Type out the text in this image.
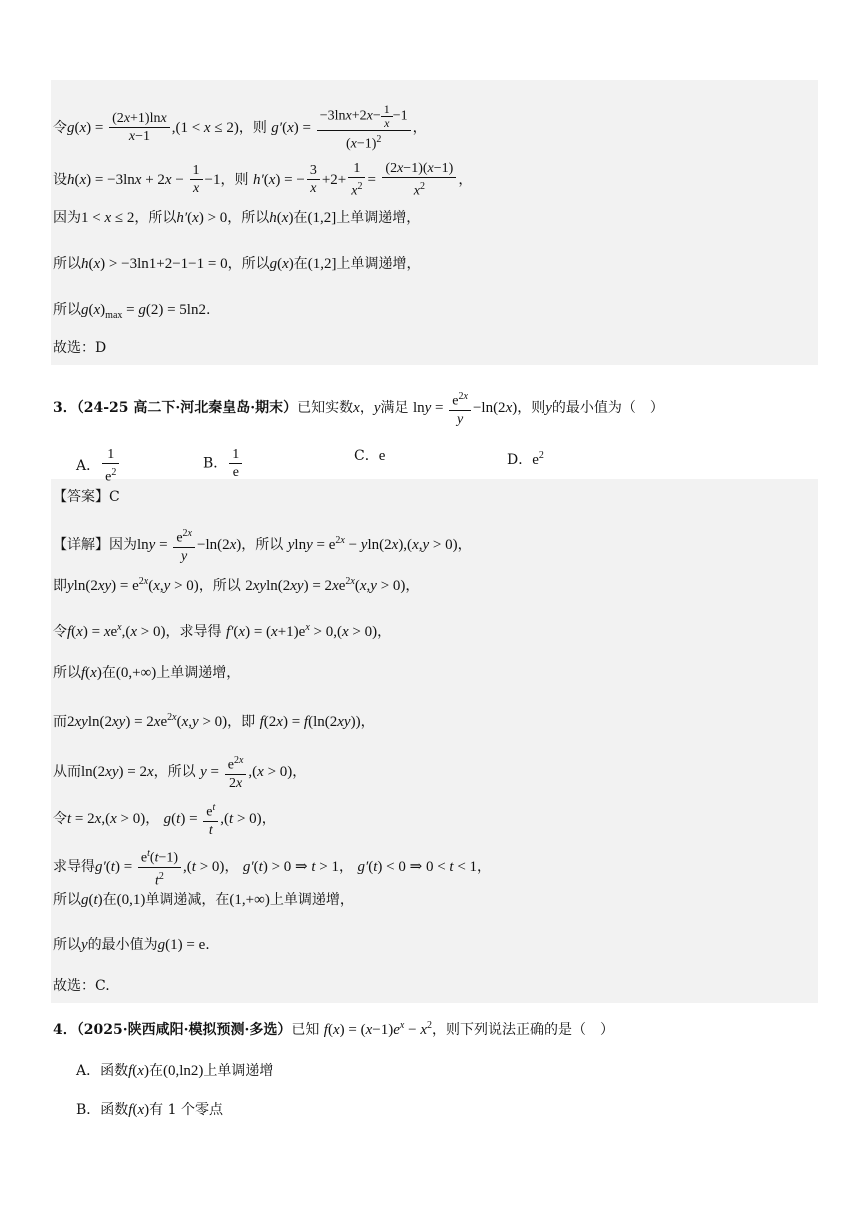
令$g(x) = \frac{(2x+1)\ln x}{x-1} ,(1 < x \le 2)$，则 $g'(x) = \frac{-3\ln x+2x- \frac{1}{x} -1}{(x-1)^2}$ ，
设$h(x) = -3\ln x + 2x - \frac{1}{x} -1$，则 h′(x) = − $\frac{3}{x} +2+ \frac{1}{x^2} = \frac{(2x-1)(x-1)}{x^2}$ ，
因为1 < x ≤ 2，所以h′(x) > 0，所以h(x)在(1,2]上单调递增，
所以h(x) > −3ln1+2−1−1 = 0，所以g(x)在(1,2]上单调递增，
所以$g(x)_{max} = g(2) = 5\ln 2$.
故选：D
3．（24-25 高二下·河北秦皇岛·期末）已知实数x，y满足 $\ln y = \frac{e^{2x}}{y} -\ln(2x)$，则y的最小值为（　）
A． $\frac{1}{e^2}$	B． $\frac{1}{e}$	C．e	D．$e^2$
【答案】C
【详解】因为$\ln y = \frac{e^{2x}}{y} -\ln(2x)$，所以 $ylny = e^{2x} - yln(2x),(x,y > 0)$，
即$yln(2xy) = e^{2x}(x,y > 0)$，所以 $2xyln(2xy) = 2xe^{2x}(x,y > 0)$，
令$f(x) = xe^x,(x > 0)$，求导得 $f'(x) = (x+1)e^x > 0,(x > 0)$，
所以f(x)在(0,+∞)上单调递增，
而$2xyln(2xy) = 2xe^{2x}(x,y > 0)$，即 f(2x) = f(ln(2xy))，
从而ln(2xy) = 2x，所以 $y = \frac{e^{2x}}{2x} ,(x > 0)$，
令t = 2x,(x > 0)， $g(t) = \frac{e^t}{t} ,(t > 0)$，
求导得$g'(t) = \frac{e^t(t-1)}{t^2} ,(t > 0)$， g′(t) > 0 ⇒ t > 1， g′(t) < 0 ⇒ 0 < t < 1，
所以g(t)在(0,1)单调递减，在(1,+∞)上单调递增，
所以y的最小值为g(1) = e.
故选：C.
4．（2025·陕西咸阳·模拟预测·多选）已知 $f(x) = (x-1)e^x - x^2$，则下列说法正确的是（　）
A．函数f(x)在(0,ln2)上单调递增
B．函数f(x)有 1 个零点
